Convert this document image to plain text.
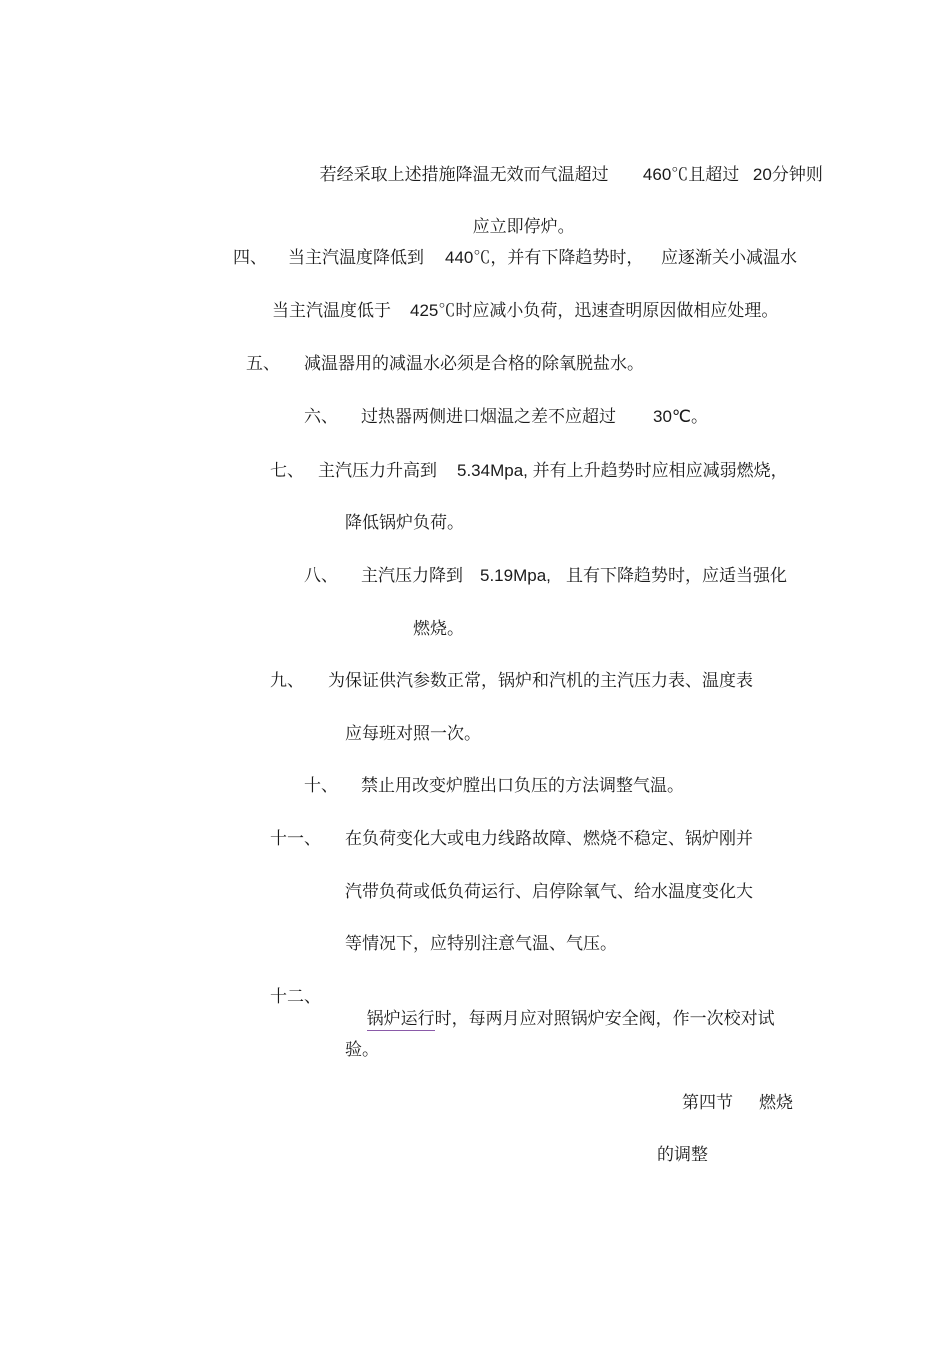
若经采取上述措施降温无效而气温超过
	460℃且超过
20分钟则

应立即停炉。

四、 当主汽温度降低到 440℃，并有下降趋势时， 应逐渐关小减温水
当主汽温度低于 425℃时应减小负荷，迅速查明原因做相应处理。
五、 减温器用的减温水必须是合格的除氧脱盐水。
六、 过热器两侧进口烟温之差不应超过 30℃。
七、 主汽压力升高到 5.34Mpa, 并有上升趋势时应相应减弱燃烧，
降低锅炉负荷。
八、 主汽压力降到 5.19Mpa, 且有下降趋势时，应适当强化
燃烧。
九、 为保证供汽参数正常，锅炉和汽机的主汽压力表、温度表
应每班对照一次。
十、 禁止用改变炉膛出口负压的方法调整气温。
十一、 在负荷变化大或电力线路故障、燃烧不稳定、锅炉刚并
汽带负荷或低负荷运行、启停除氧气、给水温度变化大
等情况下，应特别注意气温、气压。
十二、

锅炉运行时，每两月应对照锅炉安全阀，作一次校对试

验。
第四节 燃烧
的调整
